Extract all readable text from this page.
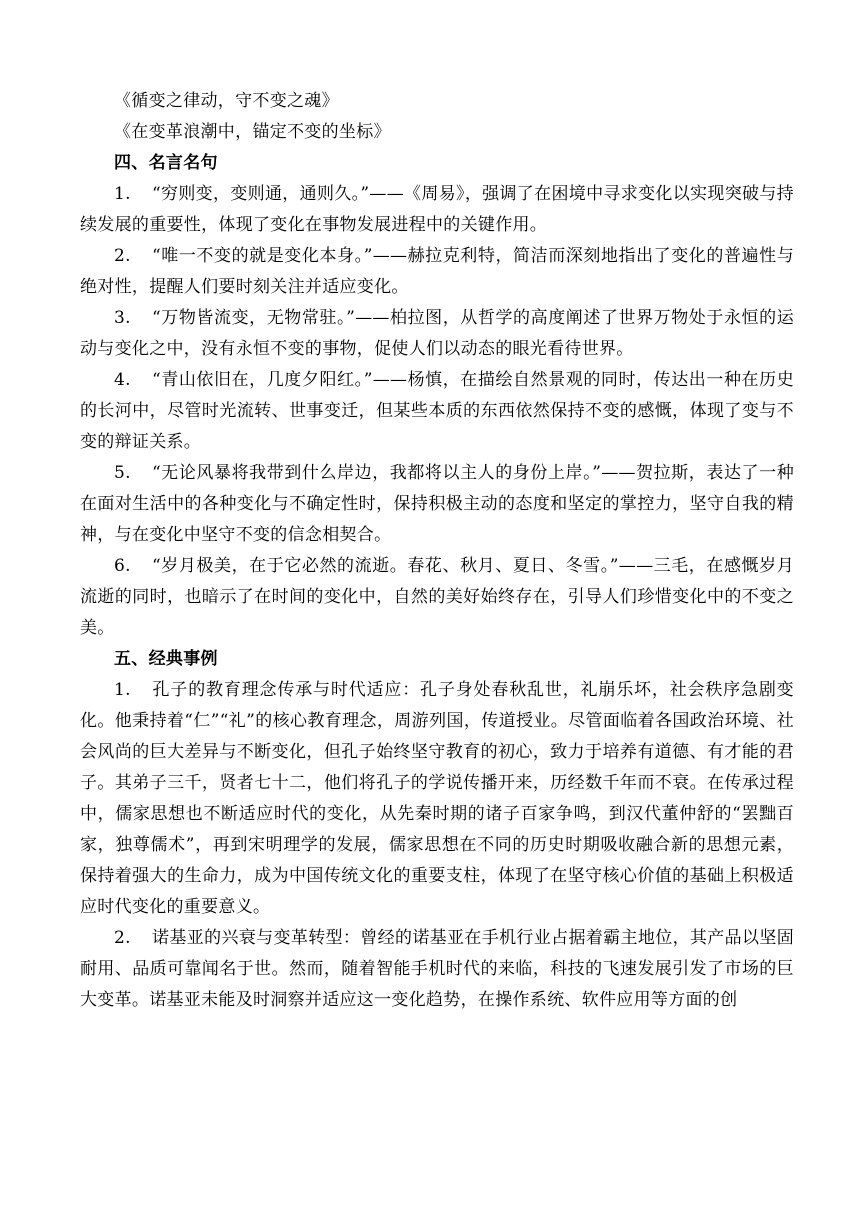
《循变之律动，守不变之魂》

《在变革浪潮中，锚定不变的坐标》

四、名言名句

1. “穷则变，变则通，通则久。”——《周易》，强调了在困境中寻求变化以实现突破与持续发展的重要性，体现了变化在事物发展进程中的关键作用。

2. “唯一不变的就是变化本身。”——赫拉克利特，简洁而深刻地指出了变化的普遍性与绝对性，提醒人们要时刻关注并适应变化。

3. “万物皆流变，无物常驻。”——柏拉图，从哲学的高度阐述了世界万物处于永恒的运动与变化之中，没有永恒不变的事物，促使人们以动态的眼光看待世界。

4. “青山依旧在，几度夕阳红。”——杨慎，在描绘自然景观的同时，传达出一种在历史的长河中，尽管时光流转、世事变迁，但某些本质的东西依然保持不变的感慨，体现了变与不变的辩证关系。

5. “无论风暴将我带到什么岸边，我都将以主人的身份上岸。”——贺拉斯，表达了一种在面对生活中的各种变化与不确定性时，保持积极主动的态度和坚定的掌控力，坚守自我的精神，与在变化中坚守不变的信念相契合。

6. “岁月极美，在于它必然的流逝。春花、秋月、夏日、冬雪。”——三毛，在感慨岁月流逝的同时，也暗示了在时间的变化中，自然的美好始终存在，引导人们珍惜变化中的不变之美。

五、经典事例

1. 孔子的教育理念传承与时代适应：孔子身处春秋乱世，礼崩乐坏，社会秩序急剧变化。他秉持着“仁”“礼”的核心教育理念，周游列国，传道授业。尽管面临着各国政治环境、社会风尚的巨大差异与不断变化，但孔子始终坚守教育的初心，致力于培养有道德、有才能的君子。其弟子三千，贤者七十二，他们将孔子的学说传播开来，历经数千年而不衰。在传承过程中，儒家思想也不断适应时代的变化，从先秦时期的诸子百家争鸣，到汉代董仲舒的“罢黜百家，独尊儒术”，再到宋明理学的发展，儒家思想在不同的历史时期吸收融合新的思想元素，保持着强大的生命力，成为中国传统文化的重要支柱，体现了在坚守核心价值的基础上积极适应时代变化的重要意义。

2. 诺基亚的兴衰与变革转型：曾经的诺基亚在手机行业占据着霸主地位，其产品以坚固耐用、品质可靠闻名于世。然而，随着智能手机时代的来临，科技的飞速发展引发了市场的巨大变革。诺基亚未能及时洞察并适应这一变化趋势，在操作系统、软件应用等方面的创
